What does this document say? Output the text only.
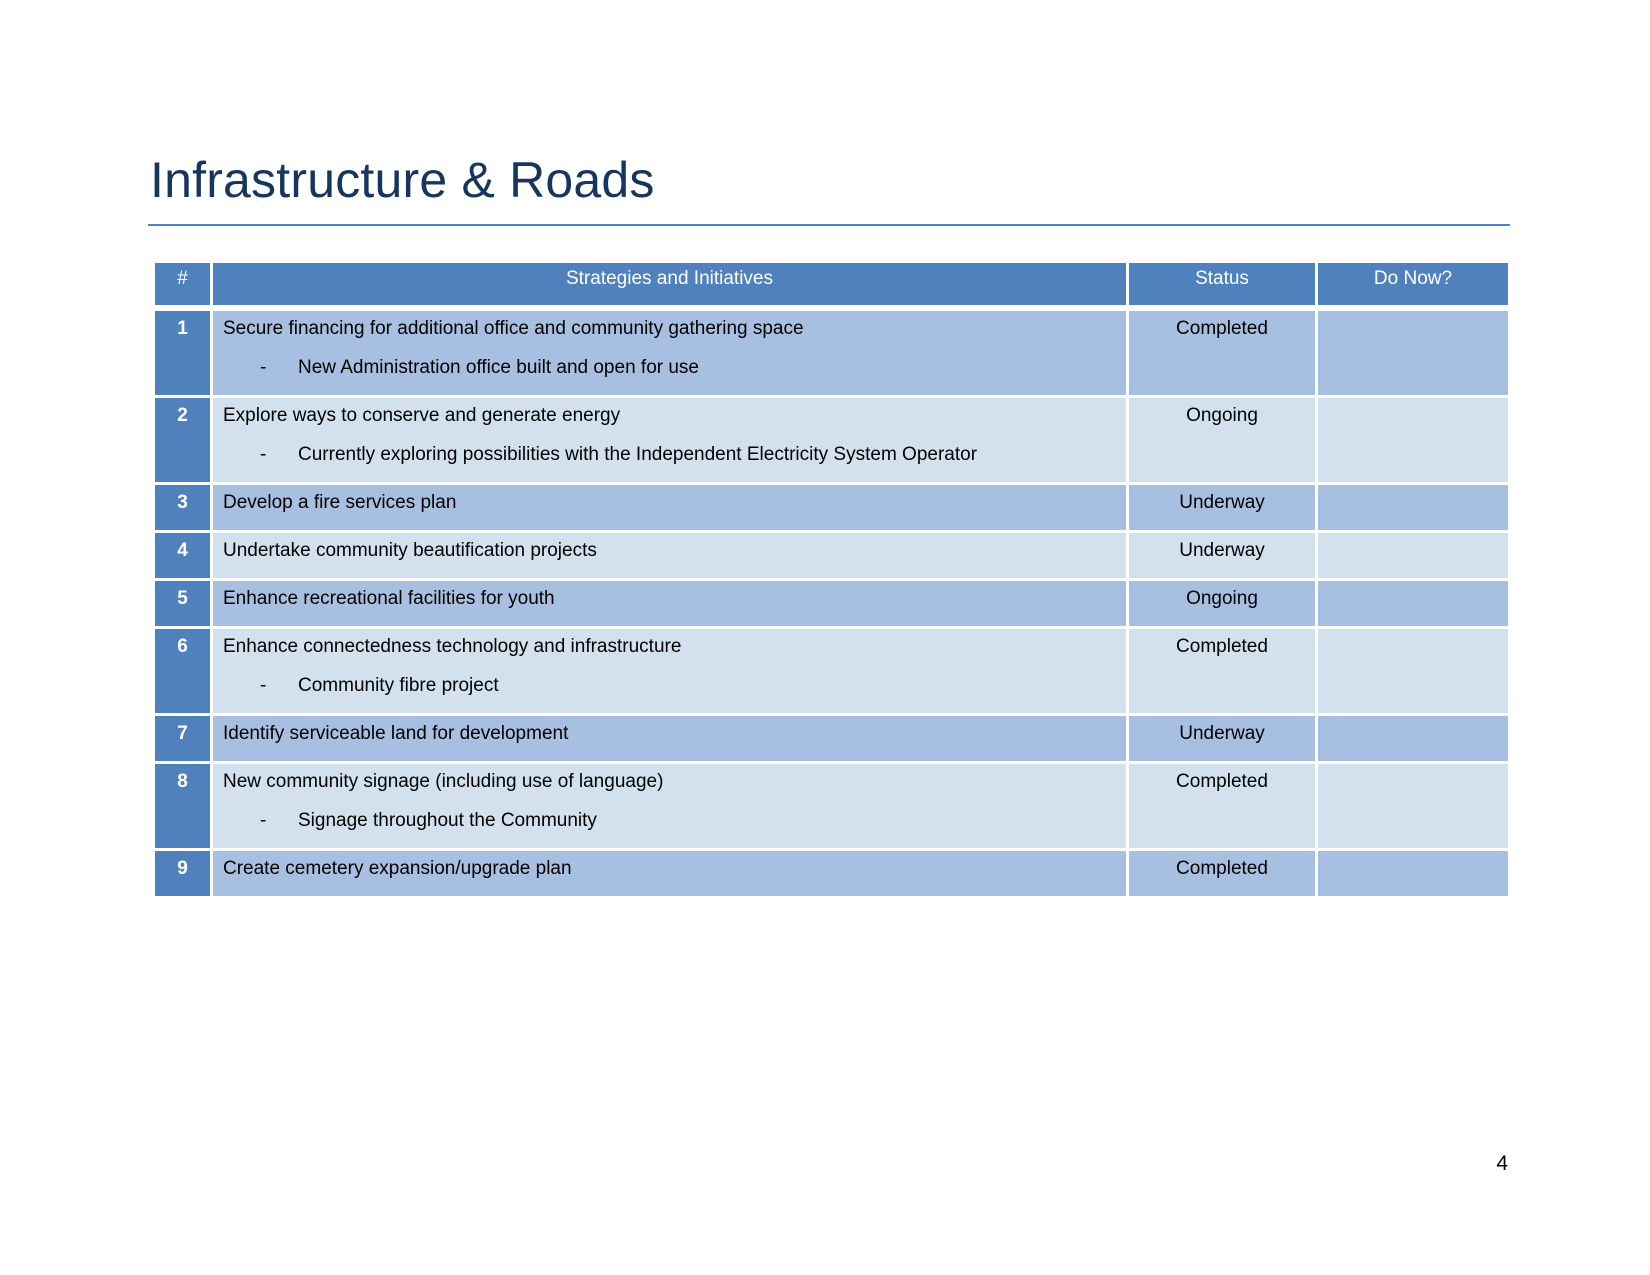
Infrastructure & Roads
#	Strategies and Initiatives	Status	Do Now?
1	Secure financing for additional office and community gathering space
- New Administration office built and open for use	Completed	
2	Explore ways to conserve and generate energy
- Currently exploring possibilities with the Independent Electricity System Operator	Ongoing	
3	Develop a fire services plan	Underway	
4	Undertake community beautification projects	Underway	
5	Enhance recreational facilities for youth	Ongoing	
6	Enhance connectedness technology and infrastructure
- Community fibre project	Completed	
7	Identify serviceable land for development	Underway	
8	New community signage (including use of language)
- Signage throughout the Community	Completed	
9	Create cemetery expansion/upgrade plan	Completed	
4
